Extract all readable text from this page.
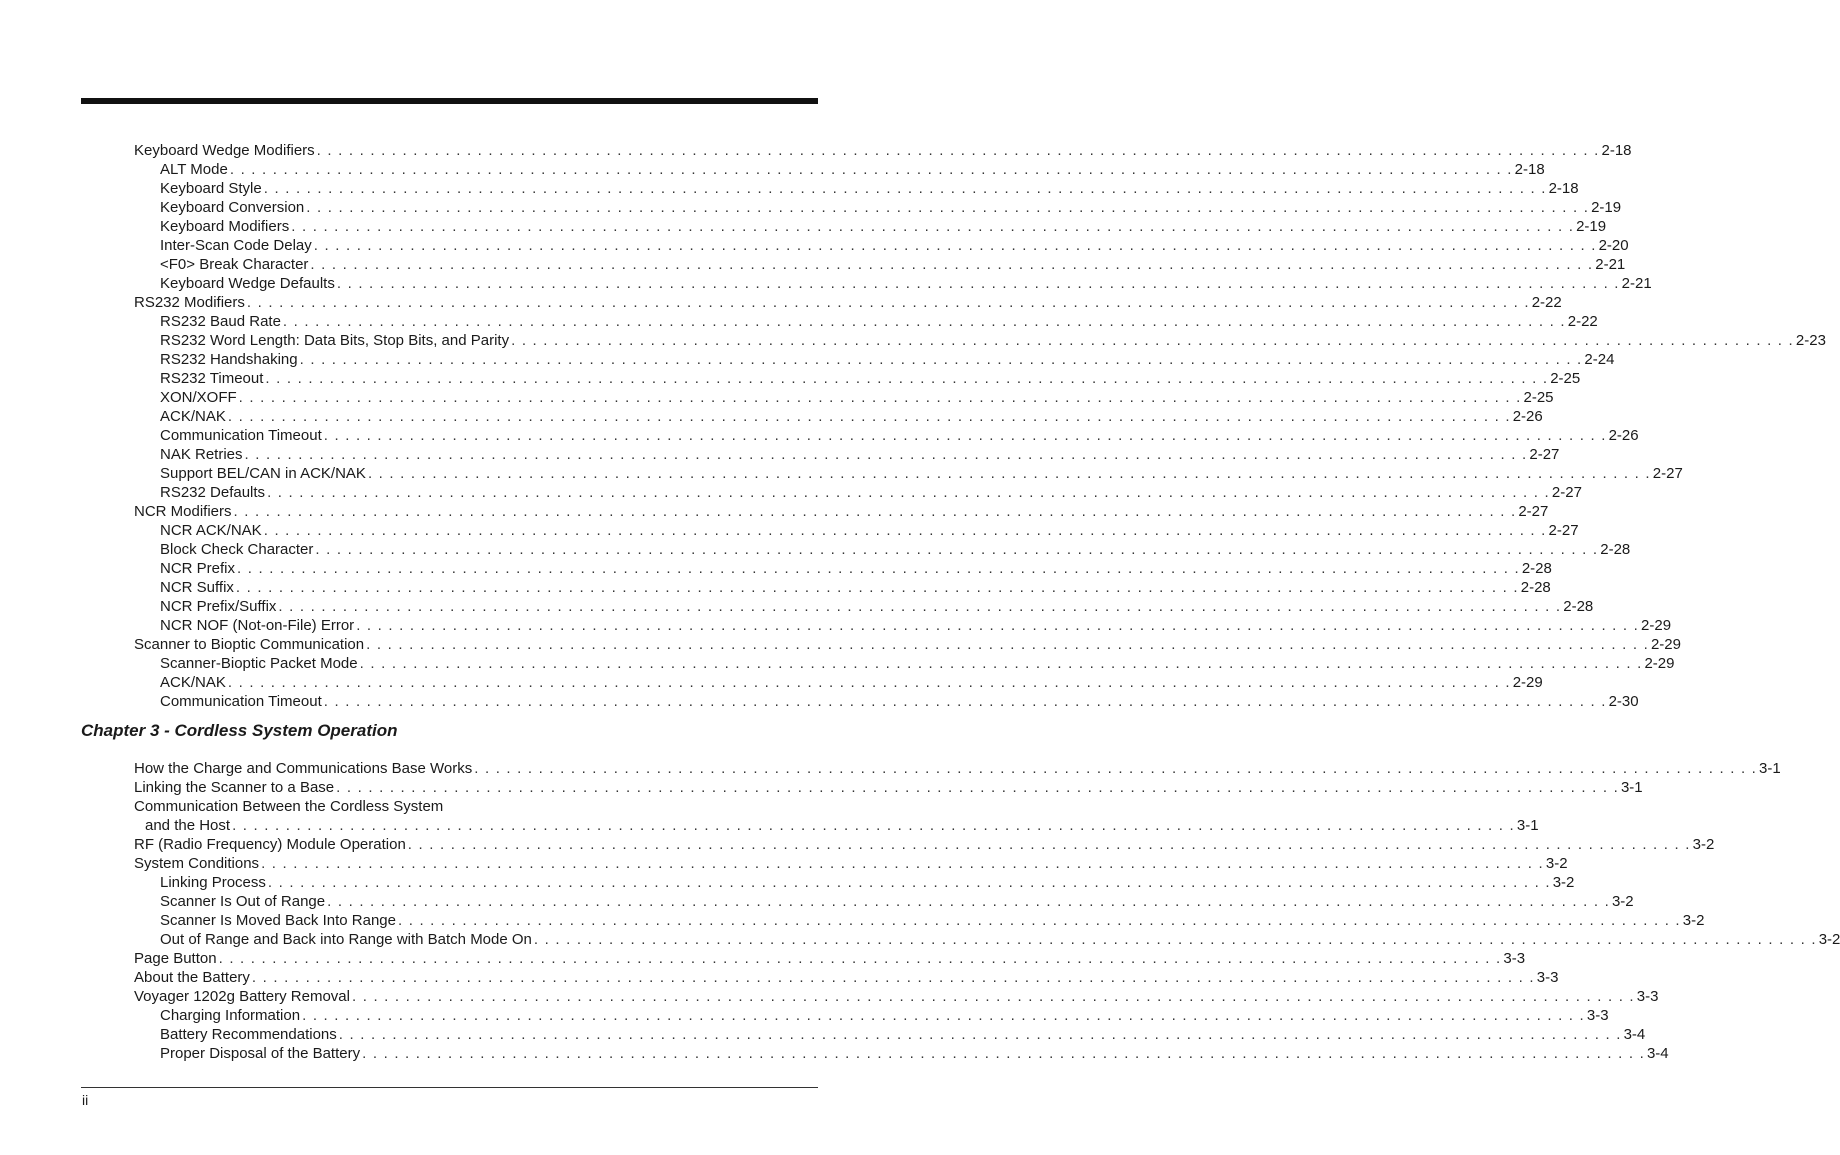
Keyboard Wedge Modifiers . . . . . . . . . . . . . . . . . . . . . . . . . . . . . . . . . . . . . . . . . . . . . . . . . . . . . . . . . . . . . . . . . . . . . . . . . . . . . . . . . . . . . . . . . . . . . . . . . . . . . . . . . . . . . . . . . . . . . . . . 2-18
ALT Mode . . . . . . . . . . . . . . . . . . . . . . . . . . . . . . . . . . . . . . . . . . . . . . . . . . . . . . . . . . . . . . . . . . . . . . . . . . . . . . . . . . . . . . . . . . . . . . . . . . . . . . . . . . . . . . . . . . . . . . . . 2-18
Keyboard Style . . . . . . . . . . . . . . . . . . . . . . . . . . . . . . . . . . . . . . . . . . . . . . . . . . . . . . . . . . . . . . . . . . . . . . . . . . . . . . . . . . . . . . . . . . . . . . . . . . . . . . . . . . . . . . . . . . . . . . . . 2-18
Keyboard Conversion . . . . . . . . . . . . . . . . . . . . . . . . . . . . . . . . . . . . . . . . . . . . . . . . . . . . . . . . . . . . . . . . . . . . . . . . . . . . . . . . . . . . . . . . . . . . . . . . . . . . . . . . . . . . . . . . . . . . . . . . 2-19
Keyboard Modifiers . . . . . . . . . . . . . . . . . . . . . . . . . . . . . . . . . . . . . . . . . . . . . . . . . . . . . . . . . . . . . . . . . . . . . . . . . . . . . . . . . . . . . . . . . . . . . . . . . . . . . . . . . . . . . . . . . . . . . . . . 2-19
Inter-Scan Code Delay . . . . . . . . . . . . . . . . . . . . . . . . . . . . . . . . . . . . . . . . . . . . . . . . . . . . . . . . . . . . . . . . . . . . . . . . . . . . . . . . . . . . . . . . . . . . . . . . . . . . . . . . . . . . . . . . . . . . . . . . 2-20
<F0> Break Character . . . . . . . . . . . . . . . . . . . . . . . . . . . . . . . . . . . . . . . . . . . . . . . . . . . . . . . . . . . . . . . . . . . . . . . . . . . . . . . . . . . . . . . . . . . . . . . . . . . . . . . . . . . . . . . . . . . . . . . . 2-21
Keyboard Wedge Defaults . . . . . . . . . . . . . . . . . . . . . . . . . . . . . . . . . . . . . . . . . . . . . . . . . . . . . . . . . . . . . . . . . . . . . . . . . . . . . . . . . . . . . . . . . . . . . . . . . . . . . . . . . . . . . . . . . . . . . . . . 2-21
RS232 Modifiers . . . . . . . . . . . . . . . . . . . . . . . . . . . . . . . . . . . . . . . . . . . . . . . . . . . . . . . . . . . . . . . . . . . . . . . . . . . . . . . . . . . . . . . . . . . . . . . . . . . . . . . . . . . . . . . . . . . . . . . . 2-22
RS232 Baud Rate . . . . . . . . . . . . . . . . . . . . . . . . . . . . . . . . . . . . . . . . . . . . . . . . . . . . . . . . . . . . . . . . . . . . . . . . . . . . . . . . . . . . . . . . . . . . . . . . . . . . . . . . . . . . . . . . . . . . . . . . 2-22
RS232 Word Length: Data Bits, Stop Bits, and Parity . . . . . . . . . . . . . . . . . . . . . . . . . . . . . . . . . . . . . . . . . . . . . . . . . . . . . . . . . . . . . . . . . . . . . . . . . . . . . . . . . . . . . . . . . . . . . . . . . . . . . . . . . . . . . . . . . . . . . . . . 2-23
RS232 Handshaking . . . . . . . . . . . . . . . . . . . . . . . . . . . . . . . . . . . . . . . . . . . . . . . . . . . . . . . . . . . . . . . . . . . . . . . . . . . . . . . . . . . . . . . . . . . . . . . . . . . . . . . . . . . . . . . . . . . . . . . . 2-24
RS232 Timeout . . . . . . . . . . . . . . . . . . . . . . . . . . . . . . . . . . . . . . . . . . . . . . . . . . . . . . . . . . . . . . . . . . . . . . . . . . . . . . . . . . . . . . . . . . . . . . . . . . . . . . . . . . . . . . . . . . . . . . . . 2-25
XON/XOFF . . . . . . . . . . . . . . . . . . . . . . . . . . . . . . . . . . . . . . . . . . . . . . . . . . . . . . . . . . . . . . . . . . . . . . . . . . . . . . . . . . . . . . . . . . . . . . . . . . . . . . . . . . . . . . . . . . . . . . . . 2-25
ACK/NAK . . . . . . . . . . . . . . . . . . . . . . . . . . . . . . . . . . . . . . . . . . . . . . . . . . . . . . . . . . . . . . . . . . . . . . . . . . . . . . . . . . . . . . . . . . . . . . . . . . . . . . . . . . . . . . . . . . . . . . . . 2-26
Communication Timeout . . . . . . . . . . . . . . . . . . . . . . . . . . . . . . . . . . . . . . . . . . . . . . . . . . . . . . . . . . . . . . . . . . . . . . . . . . . . . . . . . . . . . . . . . . . . . . . . . . . . . . . . . . . . . . . . . . . . . . . . 2-26
NAK Retries . . . . . . . . . . . . . . . . . . . . . . . . . . . . . . . . . . . . . . . . . . . . . . . . . . . . . . . . . . . . . . . . . . . . . . . . . . . . . . . . . . . . . . . . . . . . . . . . . . . . . . . . . . . . . . . . . . . . . . . . 2-27
Support BEL/CAN in ACK/NAK . . . . . . . . . . . . . . . . . . . . . . . . . . . . . . . . . . . . . . . . . . . . . . . . . . . . . . . . . . . . . . . . . . . . . . . . . . . . . . . . . . . . . . . . . . . . . . . . . . . . . . . . . . . . . . . . . . . . . . . . 2-27
RS232 Defaults . . . . . . . . . . . . . . . . . . . . . . . . . . . . . . . . . . . . . . . . . . . . . . . . . . . . . . . . . . . . . . . . . . . . . . . . . . . . . . . . . . . . . . . . . . . . . . . . . . . . . . . . . . . . . . . . . . . . . . . . 2-27
NCR Modifiers . . . . . . . . . . . . . . . . . . . . . . . . . . . . . . . . . . . . . . . . . . . . . . . . . . . . . . . . . . . . . . . . . . . . . . . . . . . . . . . . . . . . . . . . . . . . . . . . . . . . . . . . . . . . . . . . . . . . . . . . 2-27
NCR ACK/NAK . . . . . . . . . . . . . . . . . . . . . . . . . . . . . . . . . . . . . . . . . . . . . . . . . . . . . . . . . . . . . . . . . . . . . . . . . . . . . . . . . . . . . . . . . . . . . . . . . . . . . . . . . . . . . . . . . . . . . . . . 2-27
Block Check Character . . . . . . . . . . . . . . . . . . . . . . . . . . . . . . . . . . . . . . . . . . . . . . . . . . . . . . . . . . . . . . . . . . . . . . . . . . . . . . . . . . . . . . . . . . . . . . . . . . . . . . . . . . . . . . . . . . . . . . . . 2-28
NCR Prefix . . . . . . . . . . . . . . . . . . . . . . . . . . . . . . . . . . . . . . . . . . . . . . . . . . . . . . . . . . . . . . . . . . . . . . . . . . . . . . . . . . . . . . . . . . . . . . . . . . . . . . . . . . . . . . . . . . . . . . . . 2-28
NCR Suffix . . . . . . . . . . . . . . . . . . . . . . . . . . . . . . . . . . . . . . . . . . . . . . . . . . . . . . . . . . . . . . . . . . . . . . . . . . . . . . . . . . . . . . . . . . . . . . . . . . . . . . . . . . . . . . . . . . . . . . . . 2-28
NCR Prefix/Suffix . . . . . . . . . . . . . . . . . . . . . . . . . . . . . . . . . . . . . . . . . . . . . . . . . . . . . . . . . . . . . . . . . . . . . . . . . . . . . . . . . . . . . . . . . . . . . . . . . . . . . . . . . . . . . . . . . . . . . . . . 2-28
NCR NOF (Not-on-File) Error . . . . . . . . . . . . . . . . . . . . . . . . . . . . . . . . . . . . . . . . . . . . . . . . . . . . . . . . . . . . . . . . . . . . . . . . . . . . . . . . . . . . . . . . . . . . . . . . . . . . . . . . . . . . . . . . . . . . . . . . 2-29
Scanner to Bioptic Communication . . . . . . . . . . . . . . . . . . . . . . . . . . . . . . . . . . . . . . . . . . . . . . . . . . . . . . . . . . . . . . . . . . . . . . . . . . . . . . . . . . . . . . . . . . . . . . . . . . . . . . . . . . . . . . . . . . . . . . . . 2-29
Scanner-Bioptic Packet Mode . . . . . . . . . . . . . . . . . . . . . . . . . . . . . . . . . . . . . . . . . . . . . . . . . . . . . . . . . . . . . . . . . . . . . . . . . . . . . . . . . . . . . . . . . . . . . . . . . . . . . . . . . . . . . . . . . . . . . . . . 2-29
ACK/NAK . . . . . . . . . . . . . . . . . . . . . . . . . . . . . . . . . . . . . . . . . . . . . . . . . . . . . . . . . . . . . . . . . . . . . . . . . . . . . . . . . . . . . . . . . . . . . . . . . . . . . . . . . . . . . . . . . . . . . . . . 2-29
Communication Timeout . . . . . . . . . . . . . . . . . . . . . . . . . . . . . . . . . . . . . . . . . . . . . . . . . . . . . . . . . . . . . . . . . . . . . . . . . . . . . . . . . . . . . . . . . . . . . . . . . . . . . . . . . . . . . . . . . . . . . . . . 2-30
Chapter 3 - Cordless System Operation
How the Charge and Communications Base Works . . . . . . . . . . . . . . . . . . . . . . . . . . . . . . . . . . . . . . . . . . . . . . . . . . . . . . . . . . . . . . . . . . . . . . . . . . . . . . . . . . . . . . . . . . . . . . . . . . . . . . . . . . . . . . . . . . . . . . . . 3-1
Linking the Scanner to a Base . . . . . . . . . . . . . . . . . . . . . . . . . . . . . . . . . . . . . . . . . . . . . . . . . . . . . . . . . . . . . . . . . . . . . . . . . . . . . . . . . . . . . . . . . . . . . . . . . . . . . . . . . . . . . . . . . . . . . . . . 3-1
Communication Between the Cordless System
and the Host . . . . . . . . . . . . . . . . . . . . . . . . . . . . . . . . . . . . . . . . . . . . . . . . . . . . . . . . . . . . . . . . . . . . . . . . . . . . . . . . . . . . . . . . . . . . . . . . . . . . . . . . . . . . . . . . . . . . . . . . 3-1
RF (Radio Frequency) Module Operation . . . . . . . . . . . . . . . . . . . . . . . . . . . . . . . . . . . . . . . . . . . . . . . . . . . . . . . . . . . . . . . . . . . . . . . . . . . . . . . . . . . . . . . . . . . . . . . . . . . . . . . . . . . . . . . . . . . . . . . . 3-2
System Conditions . . . . . . . . . . . . . . . . . . . . . . . . . . . . . . . . . . . . . . . . . . . . . . . . . . . . . . . . . . . . . . . . . . . . . . . . . . . . . . . . . . . . . . . . . . . . . . . . . . . . . . . . . . . . . . . . . . . . . . . . 3-2
Linking Process . . . . . . . . . . . . . . . . . . . . . . . . . . . . . . . . . . . . . . . . . . . . . . . . . . . . . . . . . . . . . . . . . . . . . . . . . . . . . . . . . . . . . . . . . . . . . . . . . . . . . . . . . . . . . . . . . . . . . . . . 3-2
Scanner Is Out of Range . . . . . . . . . . . . . . . . . . . . . . . . . . . . . . . . . . . . . . . . . . . . . . . . . . . . . . . . . . . . . . . . . . . . . . . . . . . . . . . . . . . . . . . . . . . . . . . . . . . . . . . . . . . . . . . . . . . . . . . . 3-2
Scanner Is Moved Back Into Range . . . . . . . . . . . . . . . . . . . . . . . . . . . . . . . . . . . . . . . . . . . . . . . . . . . . . . . . . . . . . . . . . . . . . . . . . . . . . . . . . . . . . . . . . . . . . . . . . . . . . . . . . . . . . . . . . . . . . . . . 3-2
Out of Range and Back into Range with Batch Mode On . . . . . . . . . . . . . . . . . . . . . . . . . . . . . . . . . . . . . . . . . . . . . . . . . . . . . . . . . . . . . . . . . . . . . . . . . . . . . . . . . . . . . . . . . . . . . . . . . . . . . . . . . . . . . . . . . . . . . . . . 3-2
Page Button . . . . . . . . . . . . . . . . . . . . . . . . . . . . . . . . . . . . . . . . . . . . . . . . . . . . . . . . . . . . . . . . . . . . . . . . . . . . . . . . . . . . . . . . . . . . . . . . . . . . . . . . . . . . . . . . . . . . . . . . 3-3
About the Battery . . . . . . . . . . . . . . . . . . . . . . . . . . . . . . . . . . . . . . . . . . . . . . . . . . . . . . . . . . . . . . . . . . . . . . . . . . . . . . . . . . . . . . . . . . . . . . . . . . . . . . . . . . . . . . . . . . . . . . . . 3-3
Voyager 1202g Battery Removal . . . . . . . . . . . . . . . . . . . . . . . . . . . . . . . . . . . . . . . . . . . . . . . . . . . . . . . . . . . . . . . . . . . . . . . . . . . . . . . . . . . . . . . . . . . . . . . . . . . . . . . . . . . . . . . . . . . . . . . . 3-3
Charging Information . . . . . . . . . . . . . . . . . . . . . . . . . . . . . . . . . . . . . . . . . . . . . . . . . . . . . . . . . . . . . . . . . . . . . . . . . . . . . . . . . . . . . . . . . . . . . . . . . . . . . . . . . . . . . . . . . . . . . . . . 3-3
Battery Recommendations . . . . . . . . . . . . . . . . . . . . . . . . . . . . . . . . . . . . . . . . . . . . . . . . . . . . . . . . . . . . . . . . . . . . . . . . . . . . . . . . . . . . . . . . . . . . . . . . . . . . . . . . . . . . . . . . . . . . . . . . 3-4
Proper Disposal of the Battery . . . . . . . . . . . . . . . . . . . . . . . . . . . . . . . . . . . . . . . . . . . . . . . . . . . . . . . . . . . . . . . . . . . . . . . . . . . . . . . . . . . . . . . . . . . . . . . . . . . . . . . . . . . . . . . . . . . . . . . . 3-4
ii
